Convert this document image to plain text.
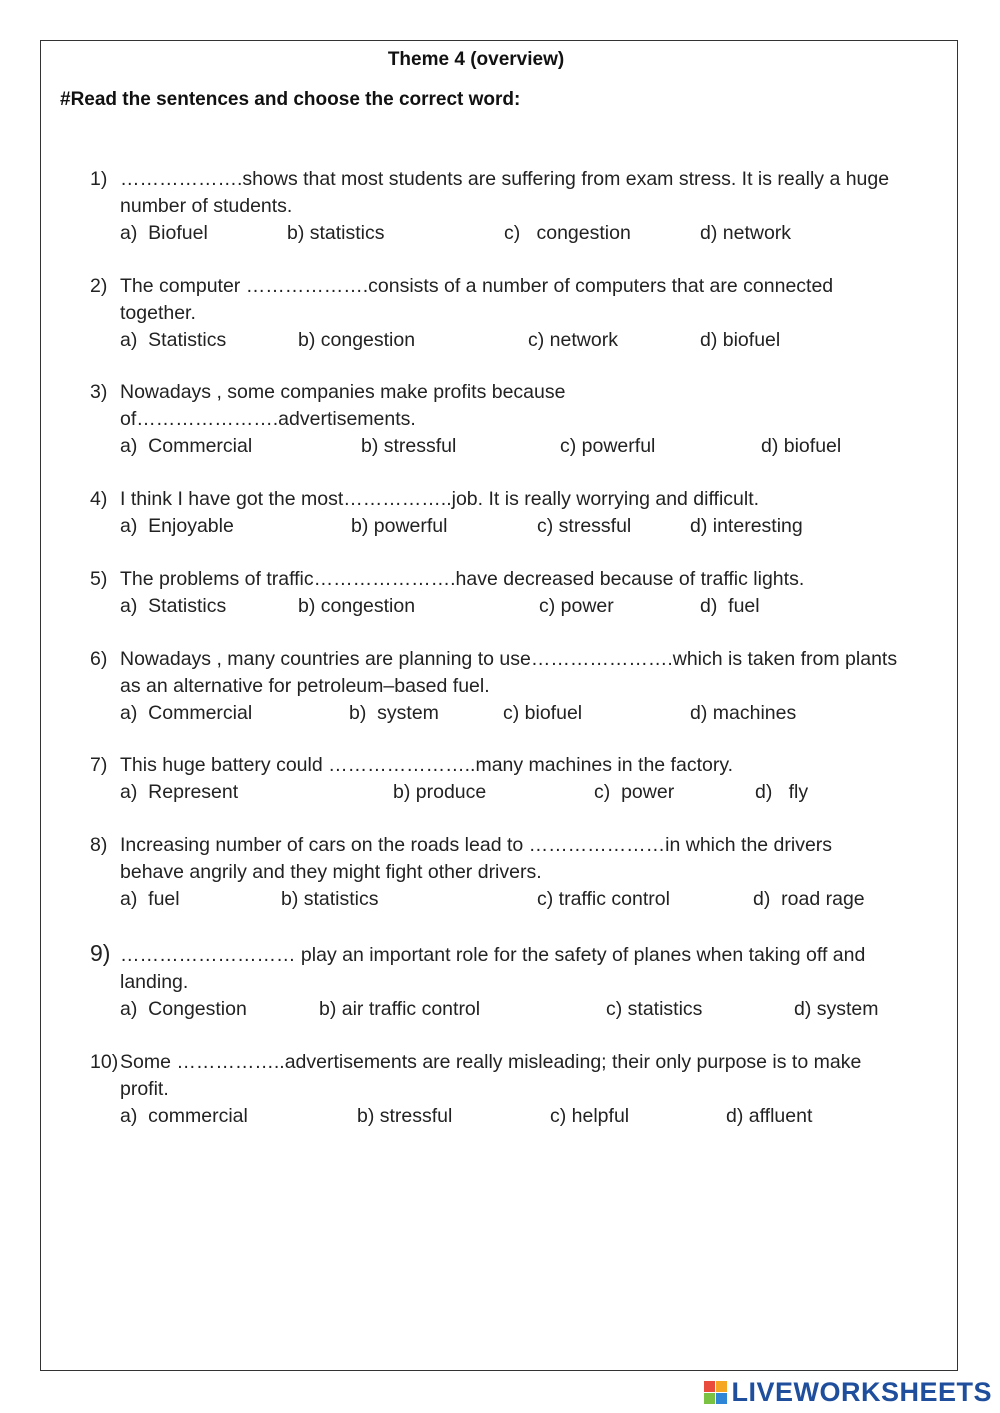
Theme 4 (overview)
#Read the sentences and choose the correct word:
1) ……………….shows that most students are suffering from exam stress. It is really a huge number of students.
a)  Biofuel	b) statistics	c)   congestion	d) network
2) The computer ……………….consists of a number of computers that are connected together.
a)  Statistics	b) congestion	c) network	d) biofuel
3) Nowadays , some companies make profits because of………………….advertisements.
a)  Commercial	b) stressful	c) powerful	d) biofuel
4) I think I have got the most……………..job. It is really worrying and difficult.
a)  Enjoyable	b) powerful	c) stressful	d) interesting
5) The problems of traffic………………….have decreased because of traffic lights.
a)  Statistics	b) congestion	c) power	d)  fuel
6) Nowadays , many countries are planning to use………………….which is taken from plants as an alternative for petroleum–based fuel.
a)  Commercial	b)  system	c) biofuel	d) machines
7) This huge battery could …………………..many machines in the factory.
a)  Represent	b) produce	c)  power	d)   fly
8) Increasing number of cars on the roads lead to …………………in which the drivers behave angrily and they might fight other drivers.
a)  fuel	b) statistics	c) traffic control	d)  road rage
9) ……………………… play an important role for the safety of planes when taking off and landing.
a)  Congestion	b) air traffic control	c) statistics	d) system
10) Some ……………..advertisements are really misleading; their only purpose is to make profit.
a)  commercial	b) stressful	c) helpful	d) affluent
LIVEWORKSHEETS
